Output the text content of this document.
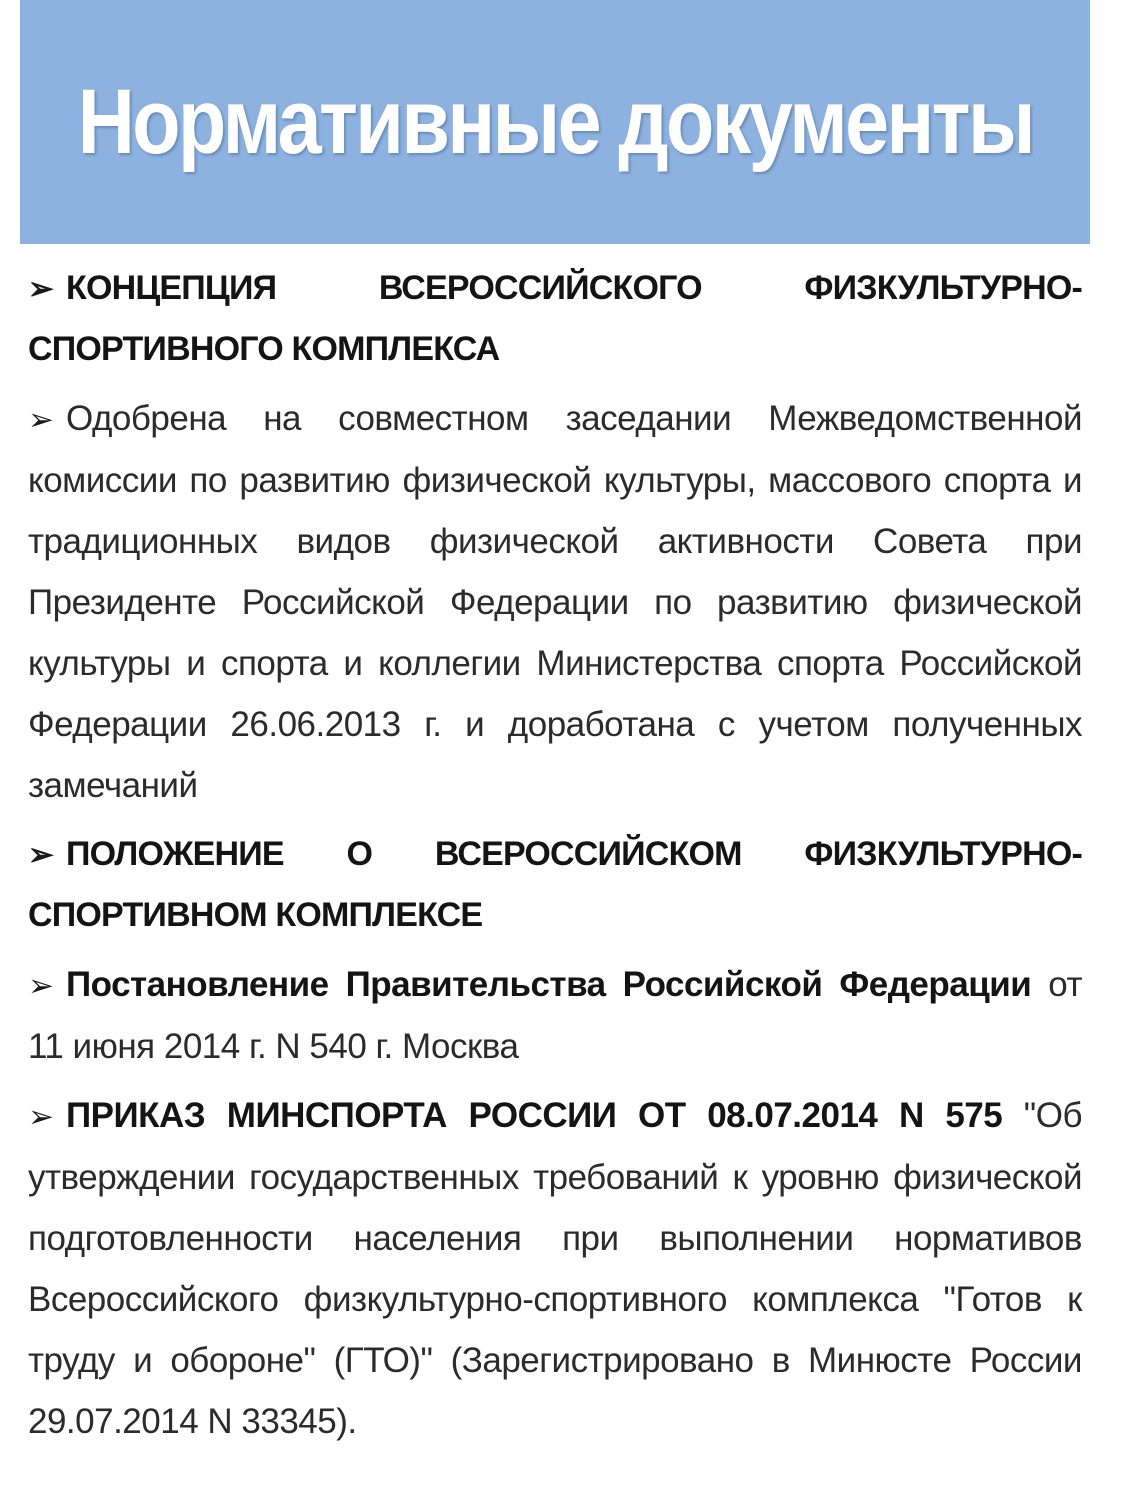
Нормативные документы

➢ КОНЦЕПЦИЯ ВСЕРОССИЙСКОГО ФИЗКУЛЬТУРНО-СПОРТИВНОГО КОМПЛЕКСА

➢ Одобрена на совместном заседании Межведомственной комиссии по развитию физической культуры, массового спорта и традиционных видов физической активности Совета при Президенте Российской Федерации по развитию физической культуры и спорта и коллегии Министерства спорта Российской Федерации 26.06.2013 г. и доработана с учетом полученных замечаний

➢ ПОЛОЖЕНИЕ О ВСЕРОССИЙСКОМ ФИЗКУЛЬТУРНО-СПОРТИВНОМ КОМПЛЕКСЕ

➢ Постановление Правительства Российской Федерации от 11 июня 2014 г. N 540 г. Москва

➢ ПРИКАЗ МИНСПОРТА РОССИИ ОТ 08.07.2014 N 575 "Об утверждении государственных требований к уровню физической подготовленности населения при выполнении нормативов Всероссийского физкультурно-спортивного комплекса "Готов к труду и обороне" (ГТО)" (Зарегистрировано в Минюсте России 29.07.2014 N 33345).
